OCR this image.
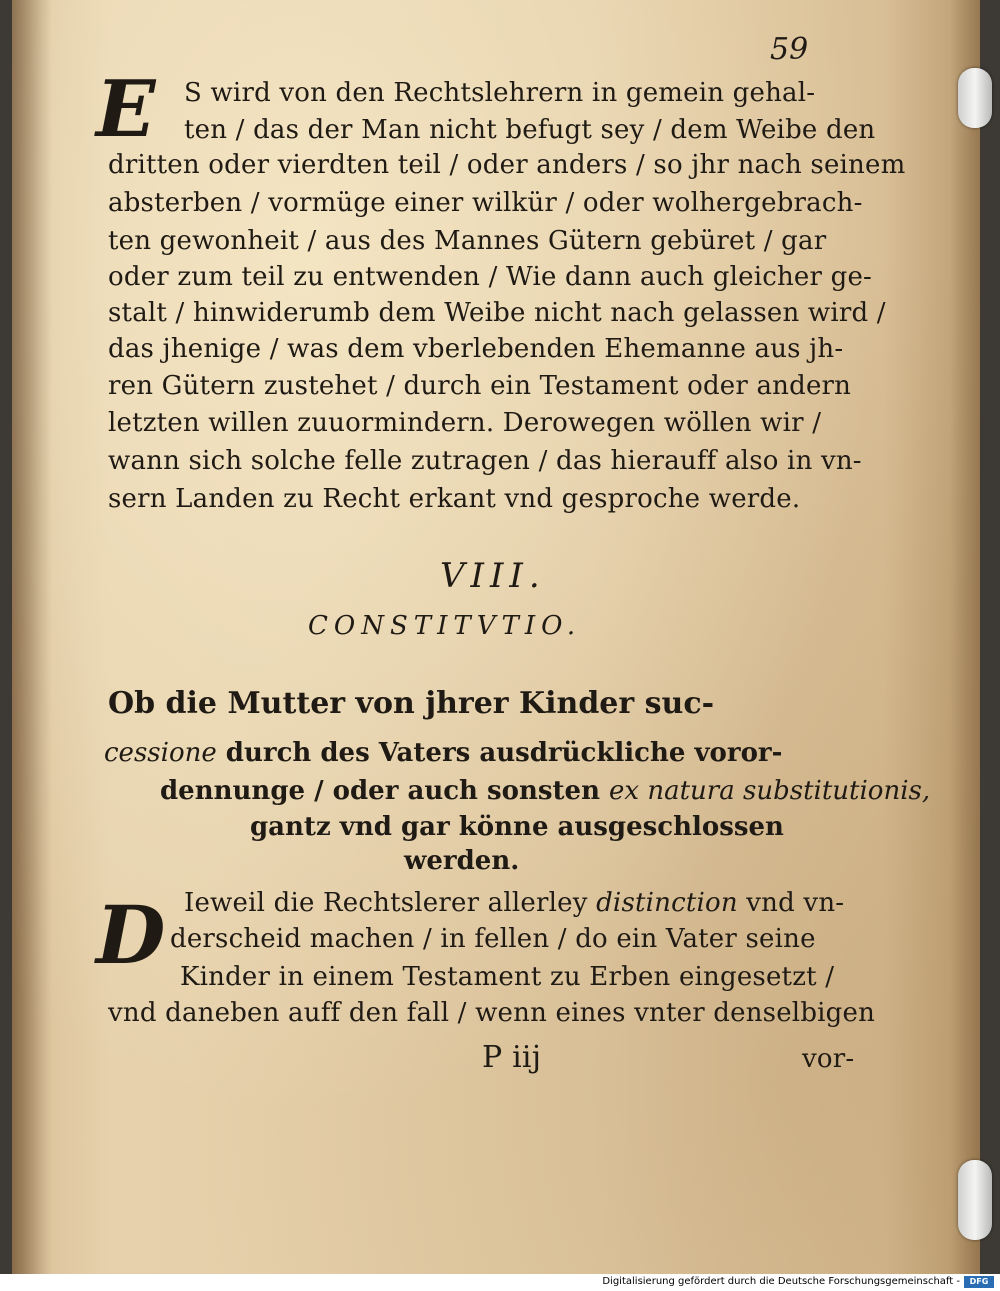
59
E S wird von den Rechtslehrern in gemein gehal-
ten / das der Man nicht befugt sey / dem Weibe den
dritten oder vierdten teil / oder anders / so jhr nach seinem
absterben / vormüge einer wilkür / oder wolhergebrach-
ten gewonheit / aus des Mannes Gütern gebüret / gar
oder zum teil zu entwenden / Wie dann auch gleicher ge-
stalt / hinwiderumb dem Weibe nicht nach gelassen wird /
das jhenige / was dem vberlebenden Ehemanne aus jh-
ren Gütern zustehet / durch ein Testament oder andern
letzten willen zuuormindern. Derowegen wöllen wir /
wann sich solche felle zutragen / das hierauff also in vn-
sern Landen zu Recht erkant vnd gesproche werde.
VIII.
CONSTITVTIO.
Ob die Mutter von jhrer Kinder suc-
cessione durch des Vaters ausdrückliche voror-
dennunge / oder auch sonsten ex natura substitutionis,
gantz vnd gar könne ausgeschlossen
werden.
D Ieweil die Rechtslerer allerley distinction vnd vn-
derscheid machen / in fellen / do ein Vater seine
Kinder in einem Testament zu Erben eingesetzt /
vnd daneben auff den fall / wenn eines vnter denselbigen
P iij	vor-
Digitalisierung gefördert durch die Deutsche Forschungsgemeinschaft -	DFG
